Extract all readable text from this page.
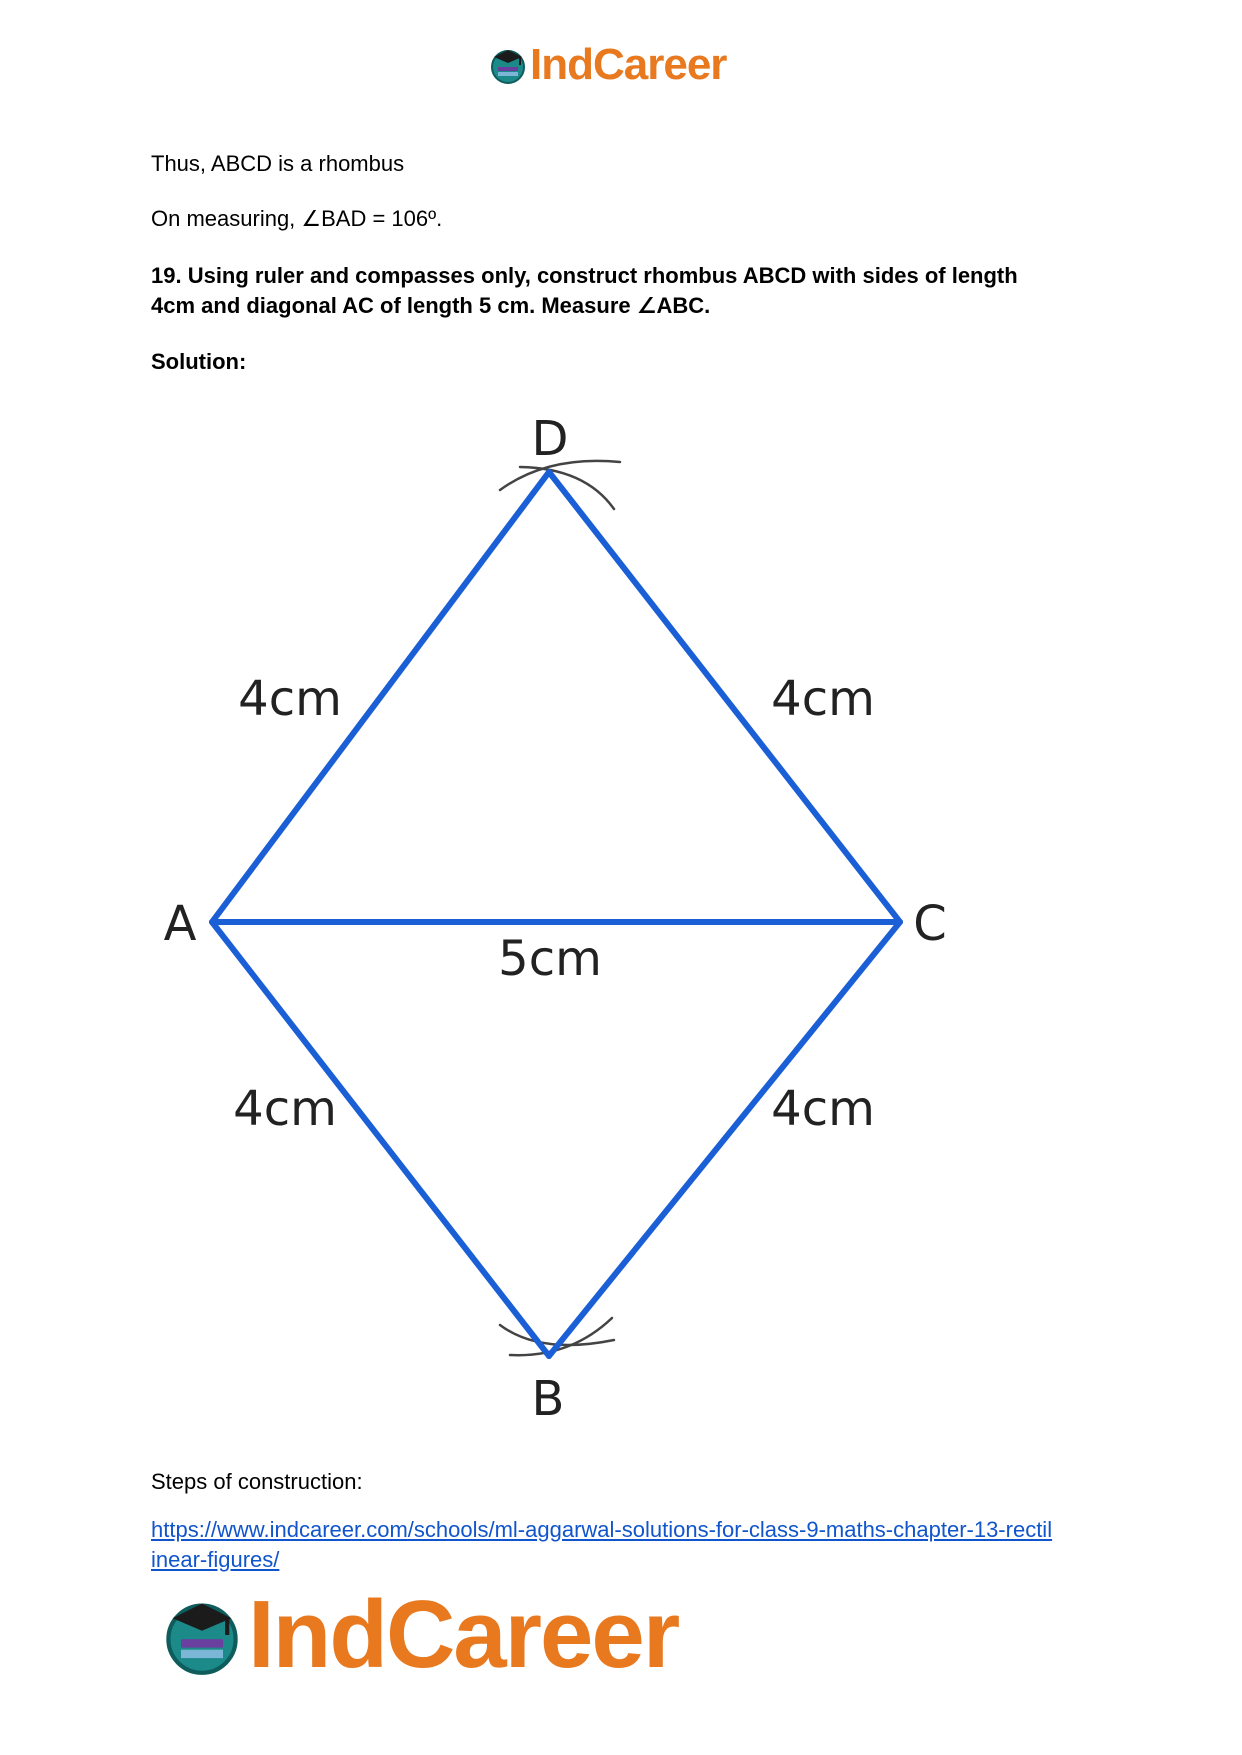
IndCareer
Thus, ABCD is a rhombus
On measuring, ∠BAD = 106º.
19. Using ruler and compasses only, construct rhombus ABCD with sides of length
4cm and diagonal AC of length 5 cm. Measure ∠ABC.
Solution:
D
A	C
B
4cm	4cm
4cm	4cm
5cm
Steps of construction:
https://www.indcareer.com/schools/ml-aggarwal-solutions-for-class-9-maths-chapter-13-rectil
inear-figures/
IndCareer
